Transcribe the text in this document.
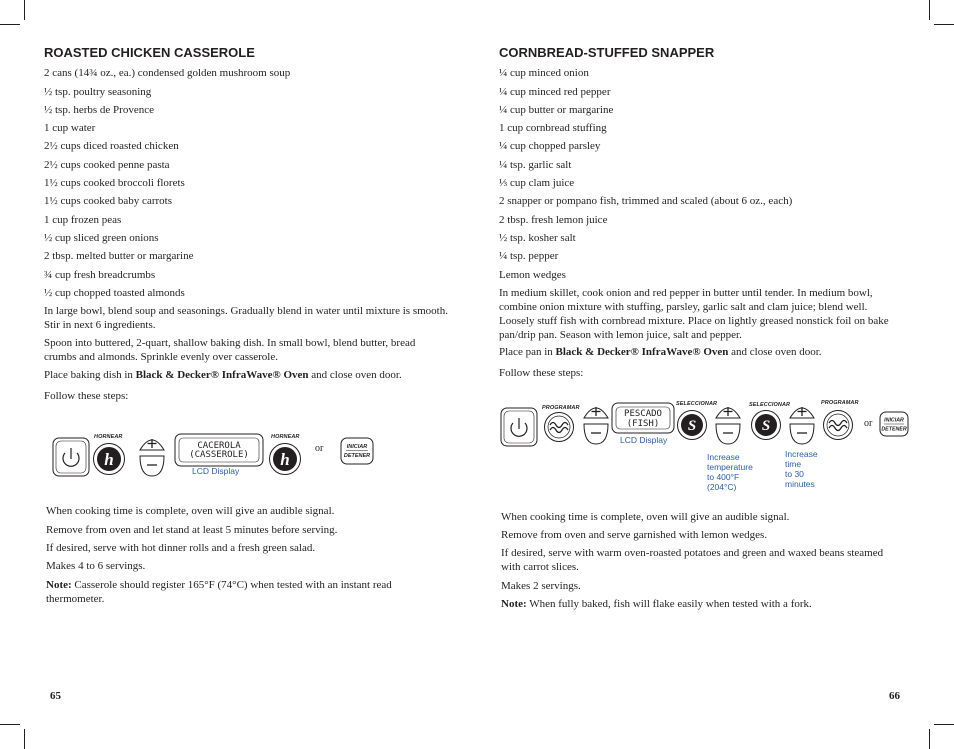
ROASTED CHICKEN CASSEROLE
2 cans (14¾ oz., ea.) condensed golden mushroom soup
½ tsp. poultry seasoning
½ tsp. herbs de Provence
1 cup water
2½ cups diced roasted chicken
2½ cups cooked penne pasta
1½ cups cooked broccoli florets
1½ cups cooked baby carrots
1 cup frozen peas
½ cup sliced green onions
2 tbsp. melted butter or margarine
¾ cup fresh breadcrumbs
½ cup chopped toasted almonds
In large bowl, blend soup and seasonings. Gradually blend in water until mixture is smooth. Stir in next 6 ingredients.
Spoon into buttered, 2-quart, shallow baking dish. In small bowl, blend butter, bread crumbs and almonds. Sprinkle evenly over casserole.
Place baking dish in Black & Decker® InfraWave® Oven and close oven door.
Follow these steps:
HORNEAR
h
CACEROLA
(CASSEROLE)
LCD Display
HORNEAR
h
or	INICIAR
DETENER
When cooking time is complete, oven will give an audible signal.
Remove from oven and let stand at least 5 minutes before serving.
If desired, serve with hot dinner rolls and a fresh green salad.
Makes 4 to 6 servings.
Note: Casserole should register 165°F (74°C) when tested with an instant read thermometer.
65
CORNBREAD-STUFFED SNAPPER
¼ cup minced onion
¼ cup minced red pepper
¼ cup butter or margarine
1 cup cornbread stuffing
¼ cup chopped parsley
¼ tsp. garlic salt
⅓ cup clam juice
2 snapper or pompano fish, trimmed and scaled (about 6 oz., each)
2 tbsp. fresh lemon juice
½ tsp. kosher salt
¼ tsp. pepper
Lemon wedges
In medium skillet, cook onion and red pepper in butter until tender. In medium bowl, combine onion mixture with stuffing, parsley, garlic salt and clam juice; blend well. Loosely stuff fish with cornbread mixture. Place on lightly greased nonstick foil on bake pan/drip pan. Season with lemon juice, salt and pepper.
Place pan in Black & Decker® InfraWave® Oven and close oven door.
Follow these steps:
PROGRAMAR
PESCADO
(FISH)
LCD Display
SELECCIONAR
S
SELECCIONAR
S
PROGRAMAR
or INICIAR
DETENER
Increase
temperature
to 400°F
(204°C)
Increase
time
to 30
minutes
When cooking time is complete, oven will give an audible signal.
Remove from oven and serve garnished with lemon wedges.
If desired, serve with warm oven-roasted potatoes and green and waxed beans steamed with carrot slices.
Makes 2 servings.
Note: When fully baked, fish will flake easily when tested with a fork.
66
